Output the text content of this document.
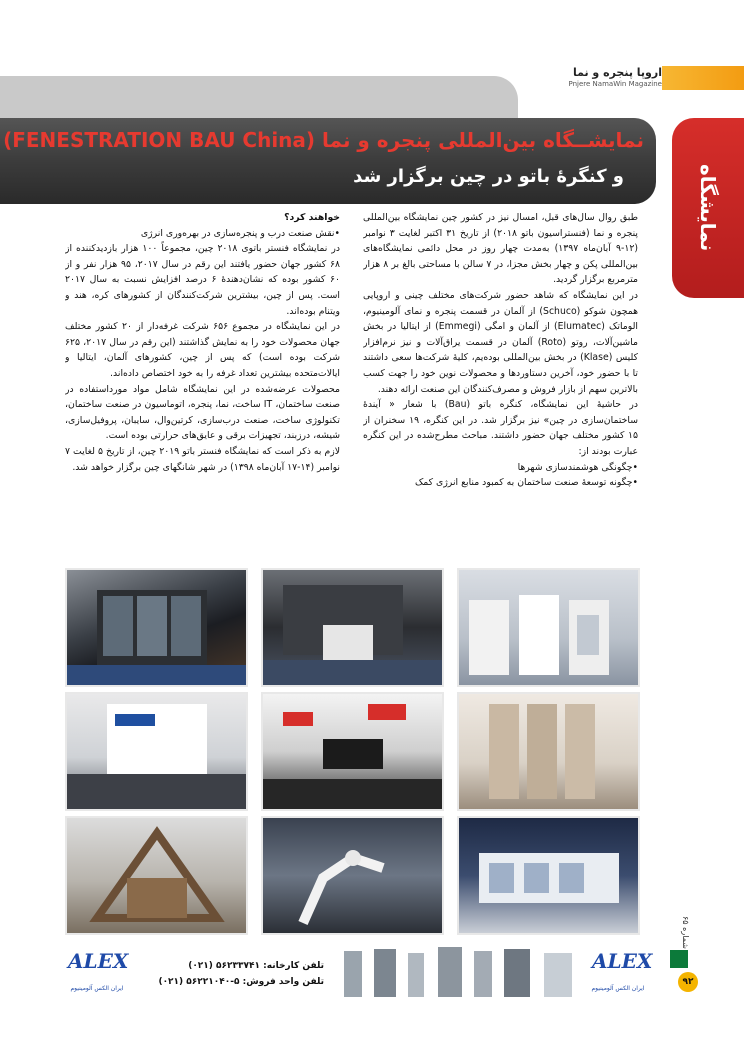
اروپا پنجره و نما
Pnjere NamaWin Magazine
نمایشــگاه بین‌المللی پنجره و نما (FENESTRATION BAU China)
و کنگرهٔ باتو در چین برگزار شد	نمایشگاه

طبق روال سال‌های قبل، امسال نیز در کشور چین نمایشگاه بین‌المللی پنجره و نما (فنستراسیون باتو ۲۰۱۸) از تاریخ ۳۱ اکتبر لغایت ۳ نوامبر (۱۲-۹ آبان‌ماه ۱۳۹۷) به‌مدت چهار روز در محل دائمی نمایشگاه‌های بین‌المللی پکن و چهار بخش مجزا، در ۷ سالن با مساحتی بالغ بر ۸ هزار مترمربع برگزار گردید.

در این نمایشگاه که شاهد حضور شرکت‌های مختلف چینی و اروپایی همچون شوکو (Schuco) از آلمان در قسمت پنجره و نمای آلومینیوم، الوماتک (Elumatec) از آلمان و امگی (Emmegi) از ایتالیا در بخش ماشین‌آلات، روتو (Roto) آلمان در قسمت یراق‌آلات و نیز نرم‌افزار کلیس (Klase) در بخش بین‌المللی بوده‌یم، کلیهٔ شرکت‌ها سعی داشتند تا با حضور خود، آخرین دستاوردها و محصولات نوین خود را جهت کسب بالاترین سهم از بازار فروش و مصرف‌کنندگان این صنعت ارائه دهند.

در حاشیهٔ این نمایشگاه، کنگره باتو (Bau) با شعار « آیندهٔ ساختمان‌سازی در چین» نیز برگزار شد. در این کنگره، ۱۹ سخنران از ۱۵ کشور مختلف جهان حضور داشتند. مباحث مطرح‌شده در این کنگره عبارت بودند از:

•چگونگی هوشمندسازی شهرها

•چگونه توسعهٔ صنعت ساختمان به کمبود منابع انرژی کمک

خواهند کرد؟

•نقش صنعت درب و پنجره‌سازی در بهره‌وری انرژی

در نمایشگاه فنستر باتوی ۲۰۱۸ چین، مجموعاً ۱۰۰ هزار بازدیدکننده از ۶۸ کشور جهان حضور یافتند این رقم در سال ۲۰۱۷، ۹۵ هزار نفر و از ۶۰ کشور بوده که نشان‌دهندهٔ ۶ درصد افزایش نسبت به سال ۲۰۱۷ است. پس از چین، بیشترین شرکت‌کنندگان از کشورهای کره، هند و ویتنام بوده‌اند.

در این نمایشگاه در مجموع ۶۵۶ شرکت غرفه‌دار از ۲۰ کشور مختلف جهان محصولات خود را به نمایش گذاشتند (این رقم در سال ۲۰۱۷، ۶۲۵ شرکت بوده است) که پس از چین، کشورهای آلمان، ایتالیا و ایالات‌متحده بیشترین تعداد غرفه را به خود اختصاص داده‌اند.

محصولات عرضه‌شده در این نمایشگاه شامل مواد مورداستفاده در صنعت ساختمان، IT ساخت، نما، پنجره، اتوماسیون در صنعت ساختمان، تکنولوژی ساخت، صنعت درب‌سازی، کرتین‌وال، سایبان، پروفیل‌سازی، شیشه، درزبند، تجهیزات برقی و عایق‌های حرارتی بوده است.

لازم به ذکر است که نمایشگاه فنستر باتو ۲۰۱۹ چین، از تاریخ ۵ لغایت ۷ نوامبر (۱۴-۱۷ آبان‌ماه ۱۳۹۸) در شهر شانگهای چین برگزار خواهد شد.

شماره ۶۵
۹۲
ALEX
ایران الکس آلومینیوم
تلفن کارخانه: ۵۶۲۳۳۷۴۱ (۰۲۱)
تلفن واحد فروش: ۵-۵۶۲۲۱۰۴۰ (۰۲۱)
ALEX
ایران الکس آلومینیوم
